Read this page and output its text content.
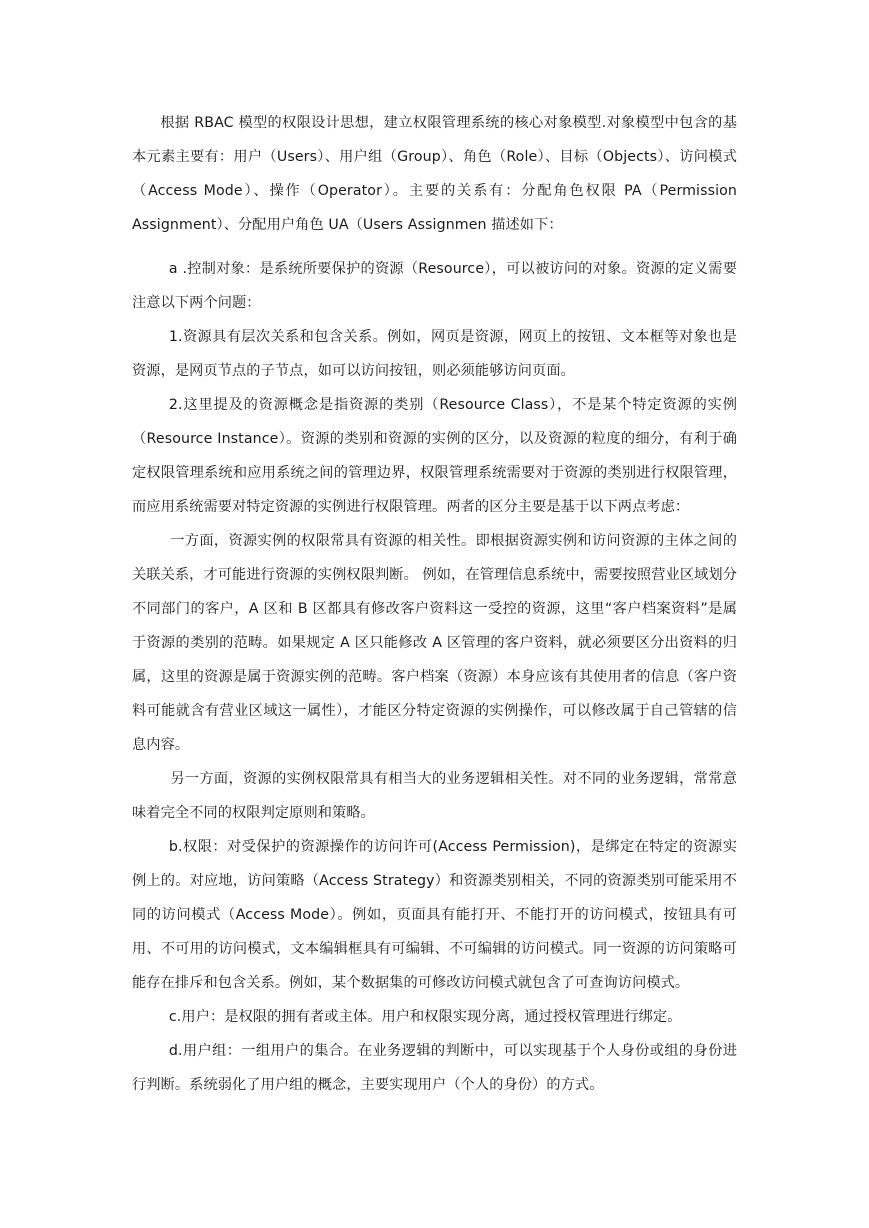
根据 RBAC 模型的权限设计思想，建立权限管理系统的核心对象模型.对象模型中包含的基本元素主要有：用户（Users）、用户组（Group）、角色（Role）、目标（Objects）、访问模式（Access Mode）、操作（Operator）。主要的关系有：分配角色权限 PA（Permission Assignment）、分配用户角色 UA（Users Assignmen 描述如下：

a .控制对象：是系统所要保护的资源（Resource），可以被访问的对象。资源的定义需要注意以下两个问题：

1.资源具有层次关系和包含关系。例如，网页是资源，网页上的按钮、文本框等对象也是资源，是网页节点的子节点，如可以访问按钮，则必须能够访问页面。

2.这里提及的资源概念是指资源的类别（Resource Class），不是某个特定资源的实例（Resource Instance）。资源的类别和资源的实例的区分，以及资源的粒度的细分，有利于确定权限管理系统和应用系统之间的管理边界，权限管理系统需要对于资源的类别进行权限管理，而应用系统需要对特定资源的实例进行权限管理。两者的区分主要是基于以下两点考虑：

一方面，资源实例的权限常具有资源的相关性。即根据资源实例和访问资源的主体之间的关联关系，才可能进行资源的实例权限判断。 例如，在管理信息系统中，需要按照营业区域划分不同部门的客户，A 区和 B 区都具有修改客户资料这一受控的资源，这里“客户档案资料”是属于资源的类别的范畴。如果规定 A 区只能修改 A 区管理的客户资料，就必须要区分出资料的归属，这里的资源是属于资源实例的范畴。客户档案（资源）本身应该有其使用者的信息（客户资料可能就含有营业区域这一属性），才能区分特定资源的实例操作，可以修改属于自己管辖的信息内容。

另一方面，资源的实例权限常具有相当大的业务逻辑相关性。对不同的业务逻辑，常常意味着完全不同的权限判定原则和策略。

b.权限：对受保护的资源操作的访问许可(Access Permission)，是绑定在特定的资源实例上的。对应地，访问策略（Access Strategy）和资源类别相关，不同的资源类别可能采用不同的访问模式（Access Mode）。例如，页面具有能打开、不能打开的访问模式，按钮具有可用、不可用的访问模式，文本编辑框具有可编辑、不可编辑的访问模式。同一资源的访问策略可能存在排斥和包含关系。例如，某个数据集的可修改访问模式就包含了可查询访问模式。

c.用户：是权限的拥有者或主体。用户和权限实现分离，通过授权管理进行绑定。

d.用户组：一组用户的集合。在业务逻辑的判断中，可以实现基于个人身份或组的身份进行判断。系统弱化了用户组的概念，主要实现用户（个人的身份）的方式。
